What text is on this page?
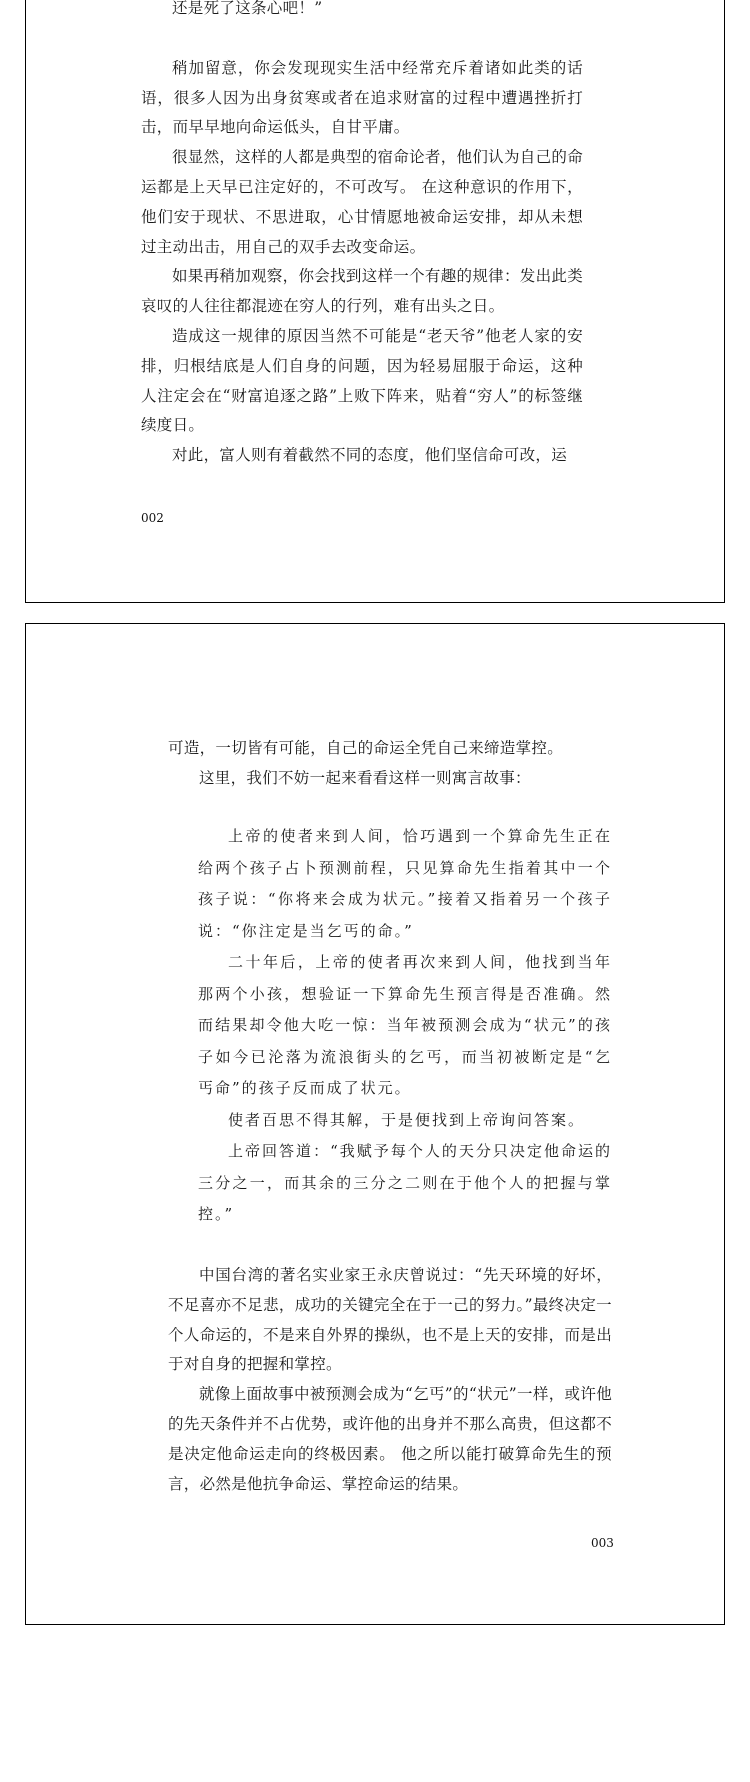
还是死了这条心吧！”

稍加留意，你会发现现实生活中经常充斥着诸如此类的话语，很多人因为出身贫寒或者在追求财富的过程中遭遇挫折打击，而早早地向命运低头，自甘平庸。

很显然，这样的人都是典型的宿命论者，他们认为自己的命运都是上天早已注定好的，不可改写。 在这种意识的作用下，他们安于现状、不思进取，心甘情愿地被命运安排，却从未想过主动出击，用自己的双手去改变命运。

如果再稍加观察，你会找到这样一个有趣的规律：发出此类哀叹的人往往都混迹在穷人的行列，难有出头之日。

造成这一规律的原因当然不可能是“老天爷”他老人家的安排，归根结底是人们自身的问题，因为轻易屈服于命运，这种人注定会在“财富追逐之路”上败下阵来，贴着“穷人”的标签继续度日。

对此，富人则有着截然不同的态度，他们坚信命可改，运

002

可造，一切皆有可能，自己的命运全凭自己来缔造掌控。

这里，我们不妨一起来看看这样一则寓言故事：

上帝的使者来到人间，恰巧遇到一个算命先生正在给两个孩子占卜预测前程，只见算命先生指着其中一个孩子说：“你将来会成为状元。”接着又指着另一个孩子说：“你注定是当乞丐的命。”

二十年后，上帝的使者再次来到人间，他找到当年那两个小孩，想验证一下算命先生预言得是否准确。然而结果却令他大吃一惊：当年被预测会成为“状元”的孩子如今已沦落为流浪街头的乞丐，而当初被断定是“乞丐命”的孩子反而成了状元。

使者百思不得其解，于是便找到上帝询问答案。

上帝回答道：“我赋予每个人的天分只决定他命运的三分之一，而其余的三分之二则在于他个人的把握与掌控。”

中国台湾的著名实业家王永庆曾说过：“先天环境的好坏，不足喜亦不足悲，成功的关键完全在于一己的努力。”最终决定一个人命运的，不是来自外界的操纵，也不是上天的安排，而是出于对自身的把握和掌控。

就像上面故事中被预测会成为“乞丐”的“状元”一样，或许他的先天条件并不占优势，或许他的出身并不那么高贵，但这都不是决定他命运走向的终极因素。 他之所以能打破算命先生的预言，必然是他抗争命运、掌控命运的结果。

003
